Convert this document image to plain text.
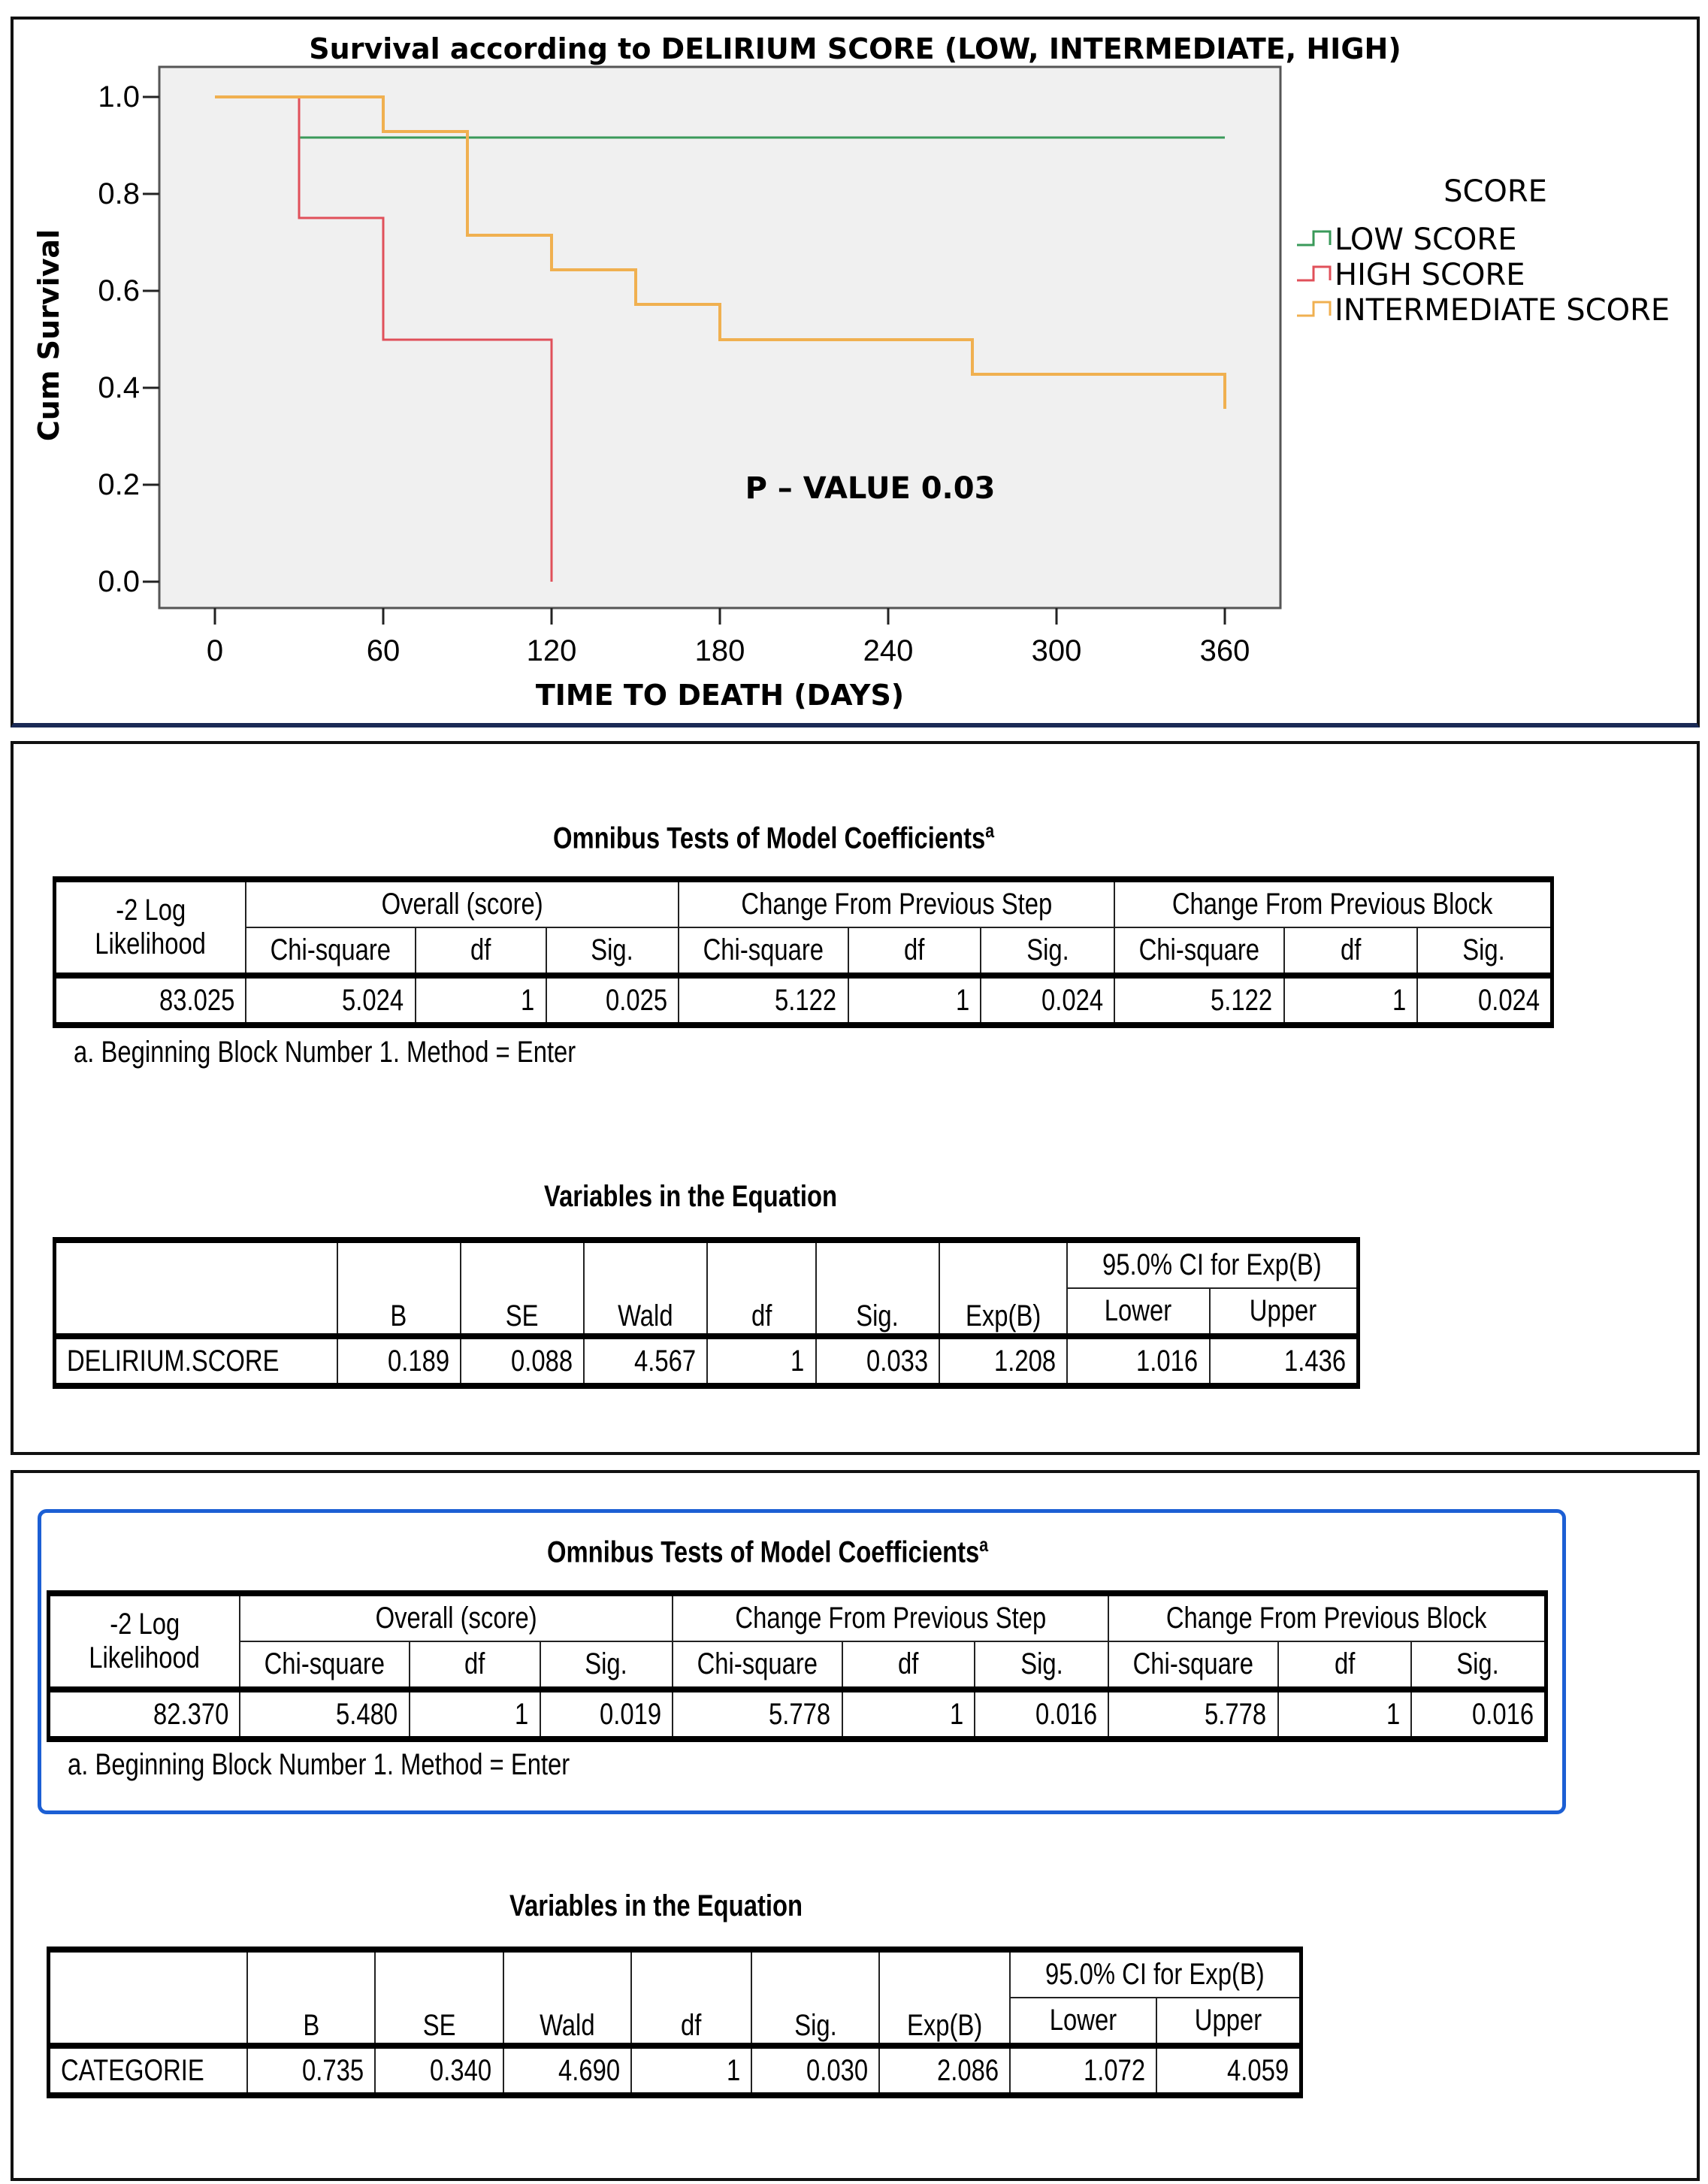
Survival according to DELIRIUM SCORE (LOW, INTERMEDIATE, HIGH)
1.0
0.8
0.6
0.4
0.2
0.0
Cum Survival
0	60	120	180	240	300	360
TIME TO DEATH (DAYS)
P – VALUE 0.03
SCORE
LOW SCORE
HIGH SCORE
INTERMEDIATE SCORE
Omnibus Tests of Model Coefficients$^a$
-2 Log
Likelihood	Overall (score)			Change From Previous Step			Change From Previous Block		
	Chi-square	df	Sig.	Chi-square	df	Sig.	Chi-square	df	Sig.
83.025	5.024	1	0.025	5.122	1	0.024	5.122	1	0.024
a. Beginning Block Number 1. Method = Enter
Variables in the Equation
	B	SE	Wald	df	Sig.	Exp(B)	95.0% CI for Exp(B)	
							Lower	Upper
DELIRIUM.SCORE	0.189	0.088	4.567	1	0.033	1.208	1.016	1.436
Omnibus Tests of Model Coefficients$^a$
-2 Log
Likelihood	Overall (score)			Change From Previous Step			Change From Previous Block		
	Chi-square	df	Sig.	Chi-square	df	Sig.	Chi-square	df	Sig.
82.370	5.480	1	0.019	5.778	1	0.016	5.778	1	0.016
a. Beginning Block Number 1. Method = Enter
Variables in the Equation
	B	SE	Wald	df	Sig.	Exp(B)	95.0% CI for Exp(B)	
							Lower	Upper
CATEGORIE	0.735	0.340	4.690	1	0.030	2.086	1.072	4.059
